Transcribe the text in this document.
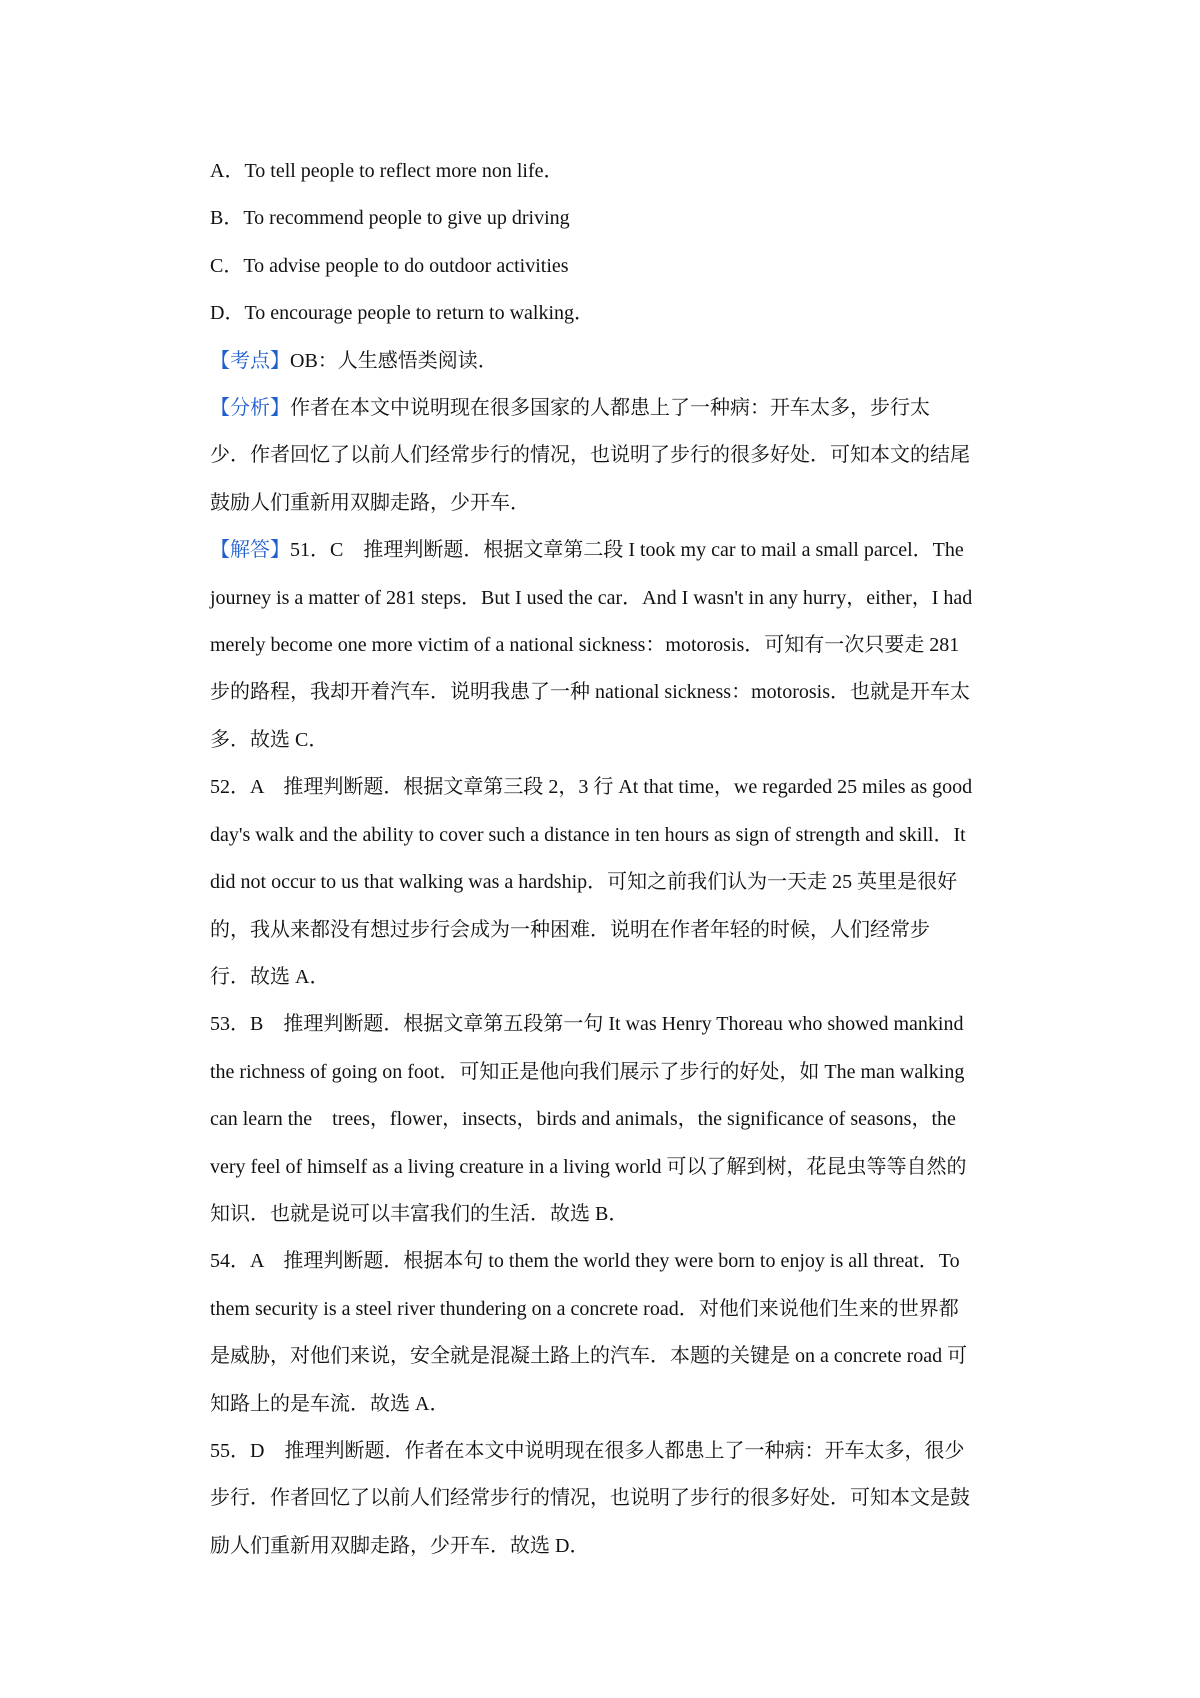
A．To tell people to reflect more non life．
B．To recommend people to give up driving
C．To advise people to do outdoor activities
D．To encourage people to return to walking．
【考点】OB：人生感悟类阅读．
【分析】作者在本文中说明现在很多国家的人都患上了一种病：开车太多，步行太
少．作者回忆了以前人们经常步行的情况，也说明了步行的很多好处．可知本文的结尾
鼓励人们重新用双脚走路，少开车．
【解答】51．C　推理判断题．根据文章第二段 I took my car to mail a small parcel．The
journey is a matter of 281 steps．But I used the car．And I wasn't in any hurry，either，I had
merely become one more victim of a national sickness：motorosis．可知有一次只要走 281
步的路程，我却开着汽车．说明我患了一种 national sickness：motorosis．也就是开车太
多．故选 C．
52．A　推理判断题．根据文章第三段 2，3 行 At that time，we regarded 25 miles as good
day's walk and the ability to cover such a distance in ten hours as sign of strength and skill．It
did not occur to us that walking was a hardship．可知之前我们认为一天走 25 英里是很好
的，我从来都没有想过步行会成为一种困难．说明在作者年轻的时候，人们经常步
行．故选 A．
53．B　推理判断题．根据文章第五段第一句 It was Henry Thoreau who showed mankind
the richness of going on foot．可知正是他向我们展示了步行的好处，如 The man walking
can learn the　trees，flower，insects，birds and animals，the significance of seasons，the
very feel of himself as a living creature in a living world 可以了解到树，花昆虫等等自然的
知识．也就是说可以丰富我们的生活．故选 B．
54．A　推理判断题．根据本句 to them the world they were born to enjoy is all threat．To
them security is a steel river thundering on a concrete road．对他们来说他们生来的世界都
是威胁，对他们来说，安全就是混凝土路上的汽车．本题的关键是 on a concrete road 可
知路上的是车流．故选 A．
55．D　推理判断题．作者在本文中说明现在很多人都患上了一种病：开车太多，很少
步行．作者回忆了以前人们经常步行的情况，也说明了步行的很多好处．可知本文是鼓
励人们重新用双脚走路，少开车．故选 D．
